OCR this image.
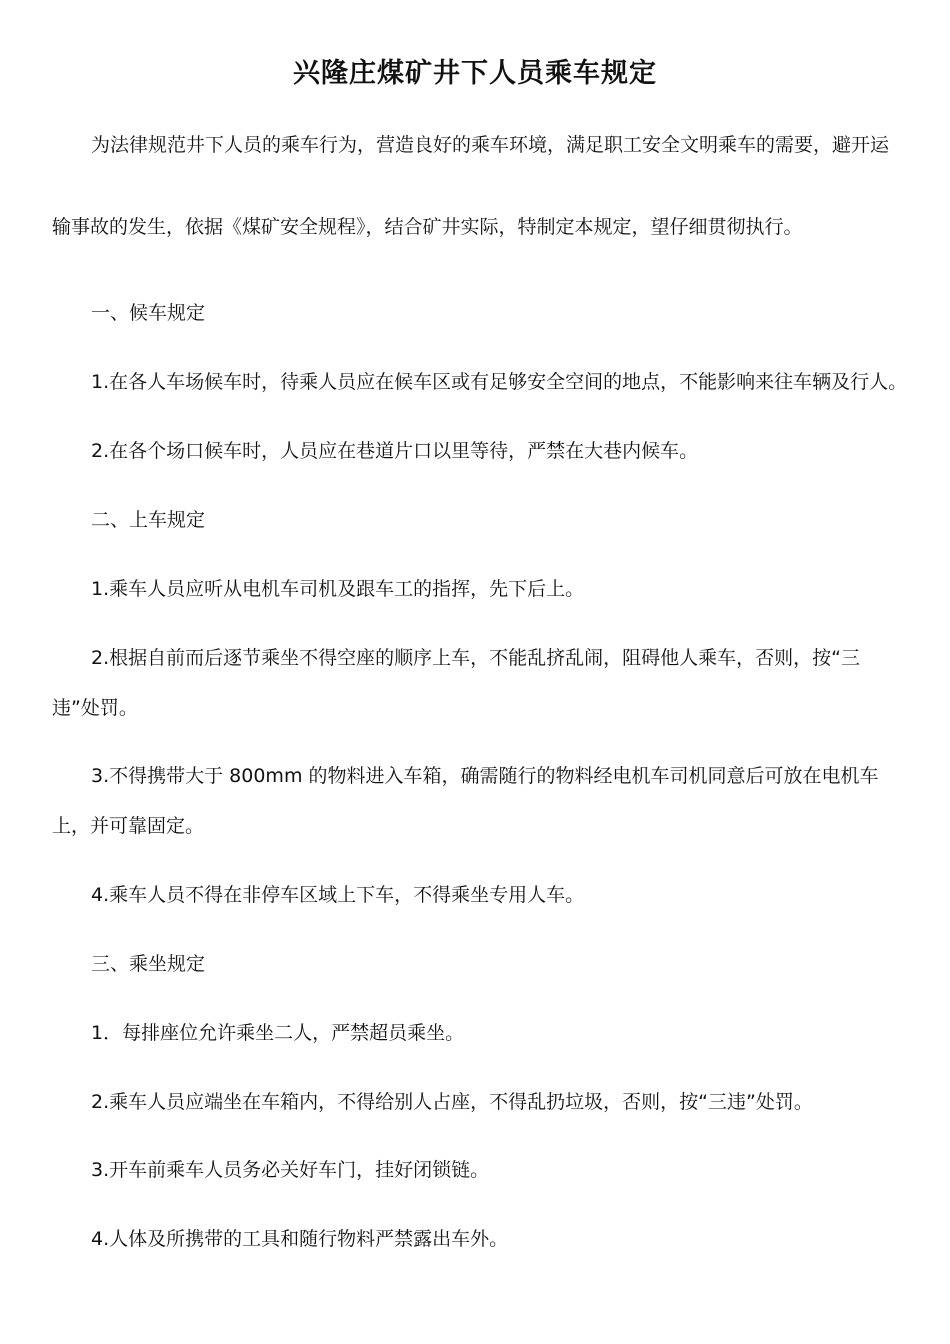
兴隆庄煤矿井下人员乘车规定
为法律规范井下人员的乘车行为，营造良好的乘车环境，满足职工安全文明乘车的需要，避开运
输事故的发生，依据《煤矿安全规程》，结合矿井实际，特制定本规定，望仔细贯彻执行。
一、候车规定
1.在各人车场候车时，待乘人员应在候车区或有足够安全空间的地点，不能影响来往车辆及行人。
2.在各个场口候车时，人员应在巷道片口以里等待，严禁在大巷内候车。
二、上车规定
1.乘车人员应听从电机车司机及跟车工的指挥，先下后上。
2.根据自前而后逐节乘坐不得空座的顺序上车，不能乱挤乱闹，阻碍他人乘车，否则，按“三
违”处罚。
3.不得携带大于 800mm 的物料进入车箱，确需随行的物料经电机车司机同意后可放在电机车
上，并可靠固定。
4.乘车人员不得在非停车区域上下车，不得乘坐专用人车。
三、乘坐规定
1．每排座位允许乘坐二人，严禁超员乘坐。
2.乘车人员应端坐在车箱内，不得给别人占座，不得乱扔垃圾，否则，按“三违”处罚。
3.开车前乘车人员务必关好车门，挂好闭锁链。
4.人体及所携带的工具和随行物料严禁露出车外。
